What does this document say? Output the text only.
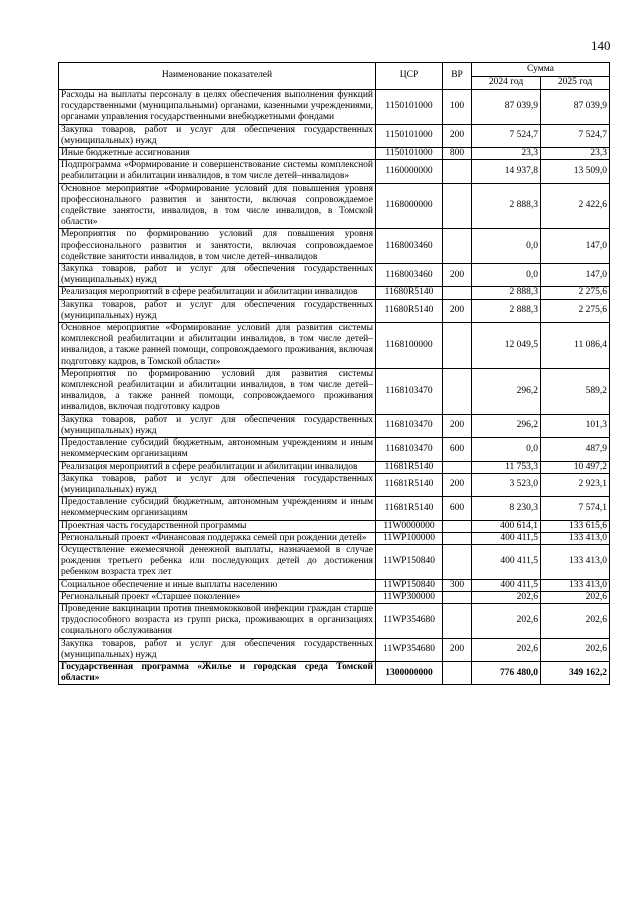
140
Наименование показателей	ЦСР	ВР	Сумма	
			2024 год	2025 год
Расходы на выплаты персоналу в целях обеспечения выполнения функций государственными (муниципальными) органами, казенными учреждениями, органами управления государственными внебюджетными фондами	1150101000	100	87 039,9	87 039,9
Закупка товаров, работ и услуг для обеспечения государственных (муниципальных) нужд	1150101000	200	7 524,7	7 524,7
Иные бюджетные ассигнования	1150101000	800	23,3	23,3
Подпрограмма «Формирование и совершенствование системы комплексной реабилитации и абилитации инвалидов, в том числе детей–инвалидов»	1160000000		14 937,8	13 509,0
Основное мероприятие «Формирование условий для повышения уровня профессионального развития и занятости, включая сопровождаемое содействие занятости, инвалидов, в том числе инвалидов, в Томской области»	1168000000		2 888,3	2 422,6
Мероприятия по формированию условий для повышения уровня профессионального развития и занятости, включая сопровождаемое содействие занятости инвалидов, в том числе детей–инвалидов	1168003460		0,0	147,0
Закупка товаров, работ и услуг для обеспечения государственных (муниципальных) нужд	1168003460	200	0,0	147,0
Реализация мероприятий в сфере реабилитации и абилитации инвалидов	11680R5140		2 888,3	2 275,6
Закупка товаров, работ и услуг для обеспечения государственных (муниципальных) нужд	11680R5140	200	2 888,3	2 275,6
Основное мероприятие «Формирование условий для развития системы комплексной реабилитации и абилитации инвалидов, в том числе детей–инвалидов, а также ранней помощи, сопровождаемого проживания, включая подготовку кадров, в Томской области»	1168100000		12 049,5	11 086,4
Мероприятия по формированию условий для развития системы комплексной реабилитации и абилитации инвалидов, в том числе детей–инвалидов, а также ранней помощи, сопровождаемого проживания инвалидов, включая подготовку кадров	1168103470		296,2	589,2
Закупка товаров, работ и услуг для обеспечения государственных (муниципальных) нужд	1168103470	200	296,2	101,3
Предоставление субсидий бюджетным, автономным учреждениям и иным некоммерческим организациям	1168103470	600	0,0	487,9
Реализация мероприятий в сфере реабилитации и абилитации инвалидов	11681R5140		11 753,3	10 497,2
Закупка товаров, работ и услуг для обеспечения государственных (муниципальных) нужд	11681R5140	200	3 523,0	2 923,1
Предоставление субсидий бюджетным, автономным учреждениям и иным некоммерческим организациям	11681R5140	600	8 230,3	7 574,1
Проектная часть государственной программы	11W0000000		400 614,1	133 615,6
Региональный проект «Финансовая поддержка семей при рождении детей»	11WP100000		400 411,5	133 413,0
Осуществление ежемесячной денежной выплаты, назначаемой в случае рождения третьего ребенка или последующих детей до достижения ребенком возраста трех лет	11WP150840		400 411,5	133 413,0
Социальное обеспечение и иные выплаты населению	11WP150840	300	400 411,5	133 413,0
Региональный проект «Старшее поколение»	11WP300000		202,6	202,6
Проведение вакцинации против пневмококковой инфекции граждан старше трудоспособного возраста из групп риска, проживающих в организациях социального обслуживания	11WP354680		202,6	202,6
Закупка товаров, работ и услуг для обеспечения государственных (муниципальных) нужд	11WP354680	200	202,6	202,6
Государственная программа «Жилье и городская среда Томской области»	1300000000		776 480,0	349 162,2
